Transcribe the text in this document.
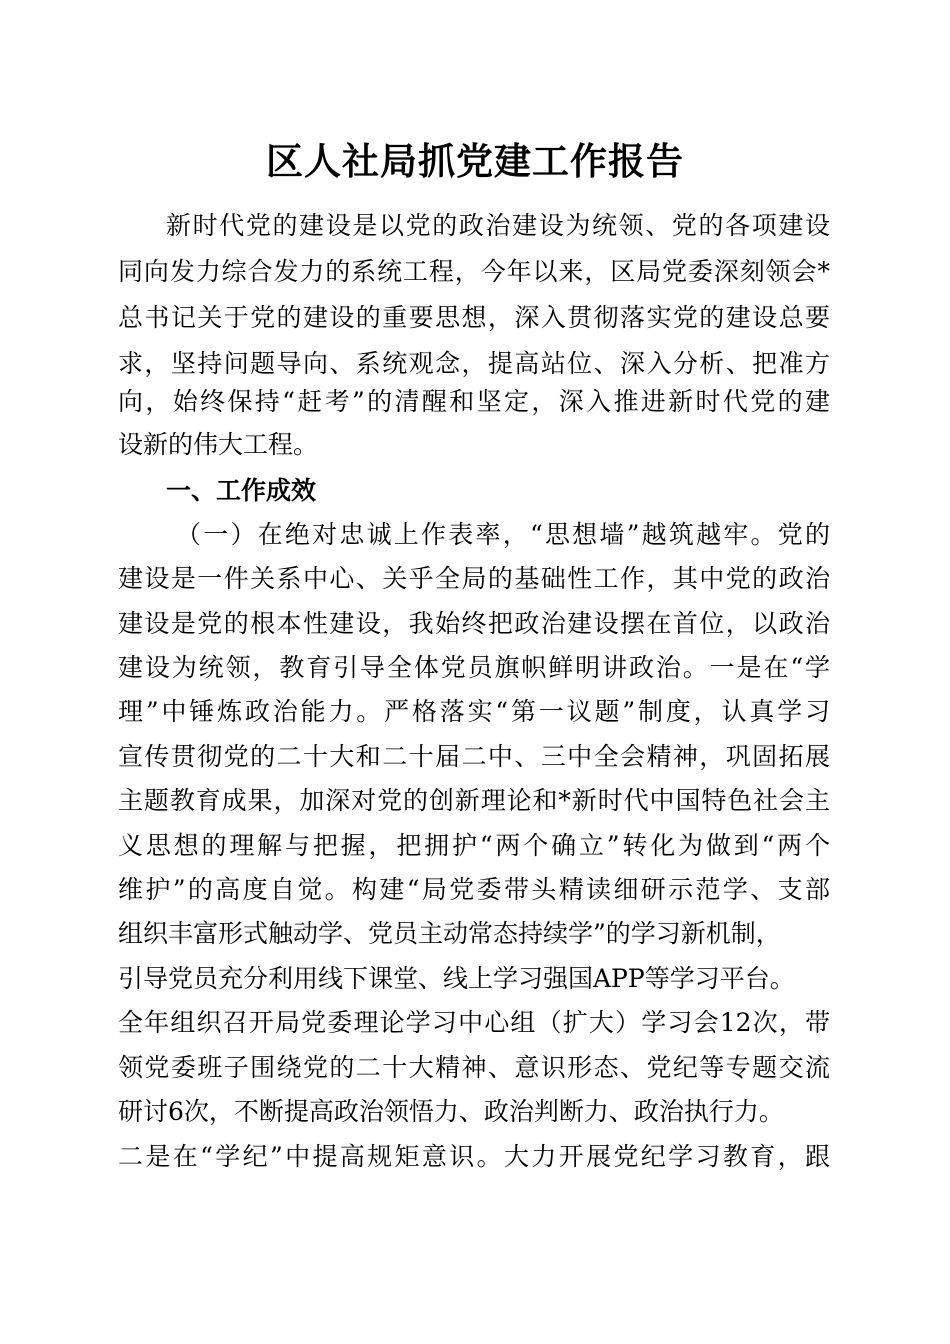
区人社局抓党建工作报告
新时代党的建设是以党的政治建设为统领、党的各项建设
同向发力综合发力的系统工程，今年以来，区局党委深刻领会*
总书记关于党的建设的重要思想，深入贯彻落实党的建设总要
求，坚持问题导向、系统观念，提高站位、深入分析、把准方
向，始终保持“赶考”的清醒和坚定，深入推进新时代党的建
设新的伟大工程。
一、工作成效
（一）在绝对忠诚上作表率，“思想墙”越筑越牢。党的
建设是一件关系中心、关乎全局的基础性工作，其中党的政治
建设是党的根本性建设，我始终把政治建设摆在首位，以政治
建设为统领，教育引导全体党员旗帜鲜明讲政治。一是在“学
理”中锤炼政治能力。严格落实“第一议题”制度，认真学习
宣传贯彻党的二十大和二十届二中、三中全会精神，巩固拓展
主题教育成果，加深对党的创新理论和*新时代中国特色社会主
义思想的理解与把握，把拥护“两个确立”转化为做到“两个
维护”的高度自觉。构建“局党委带头精读细研示范学、支部
组织丰富形式触动学、党员主动常态持续学”的学习新机制，
引导党员充分利用线下课堂、线上学习强国APP等学习平台。
全年组织召开局党委理论学习中心组（扩大）学习会12次，带
领党委班子围绕党的二十大精神、意识形态、党纪等专题交流
研讨6次，不断提高政治领悟力、政治判断力、政治执行力。
二是在“学纪”中提高规矩意识。大力开展党纪学习教育，跟
